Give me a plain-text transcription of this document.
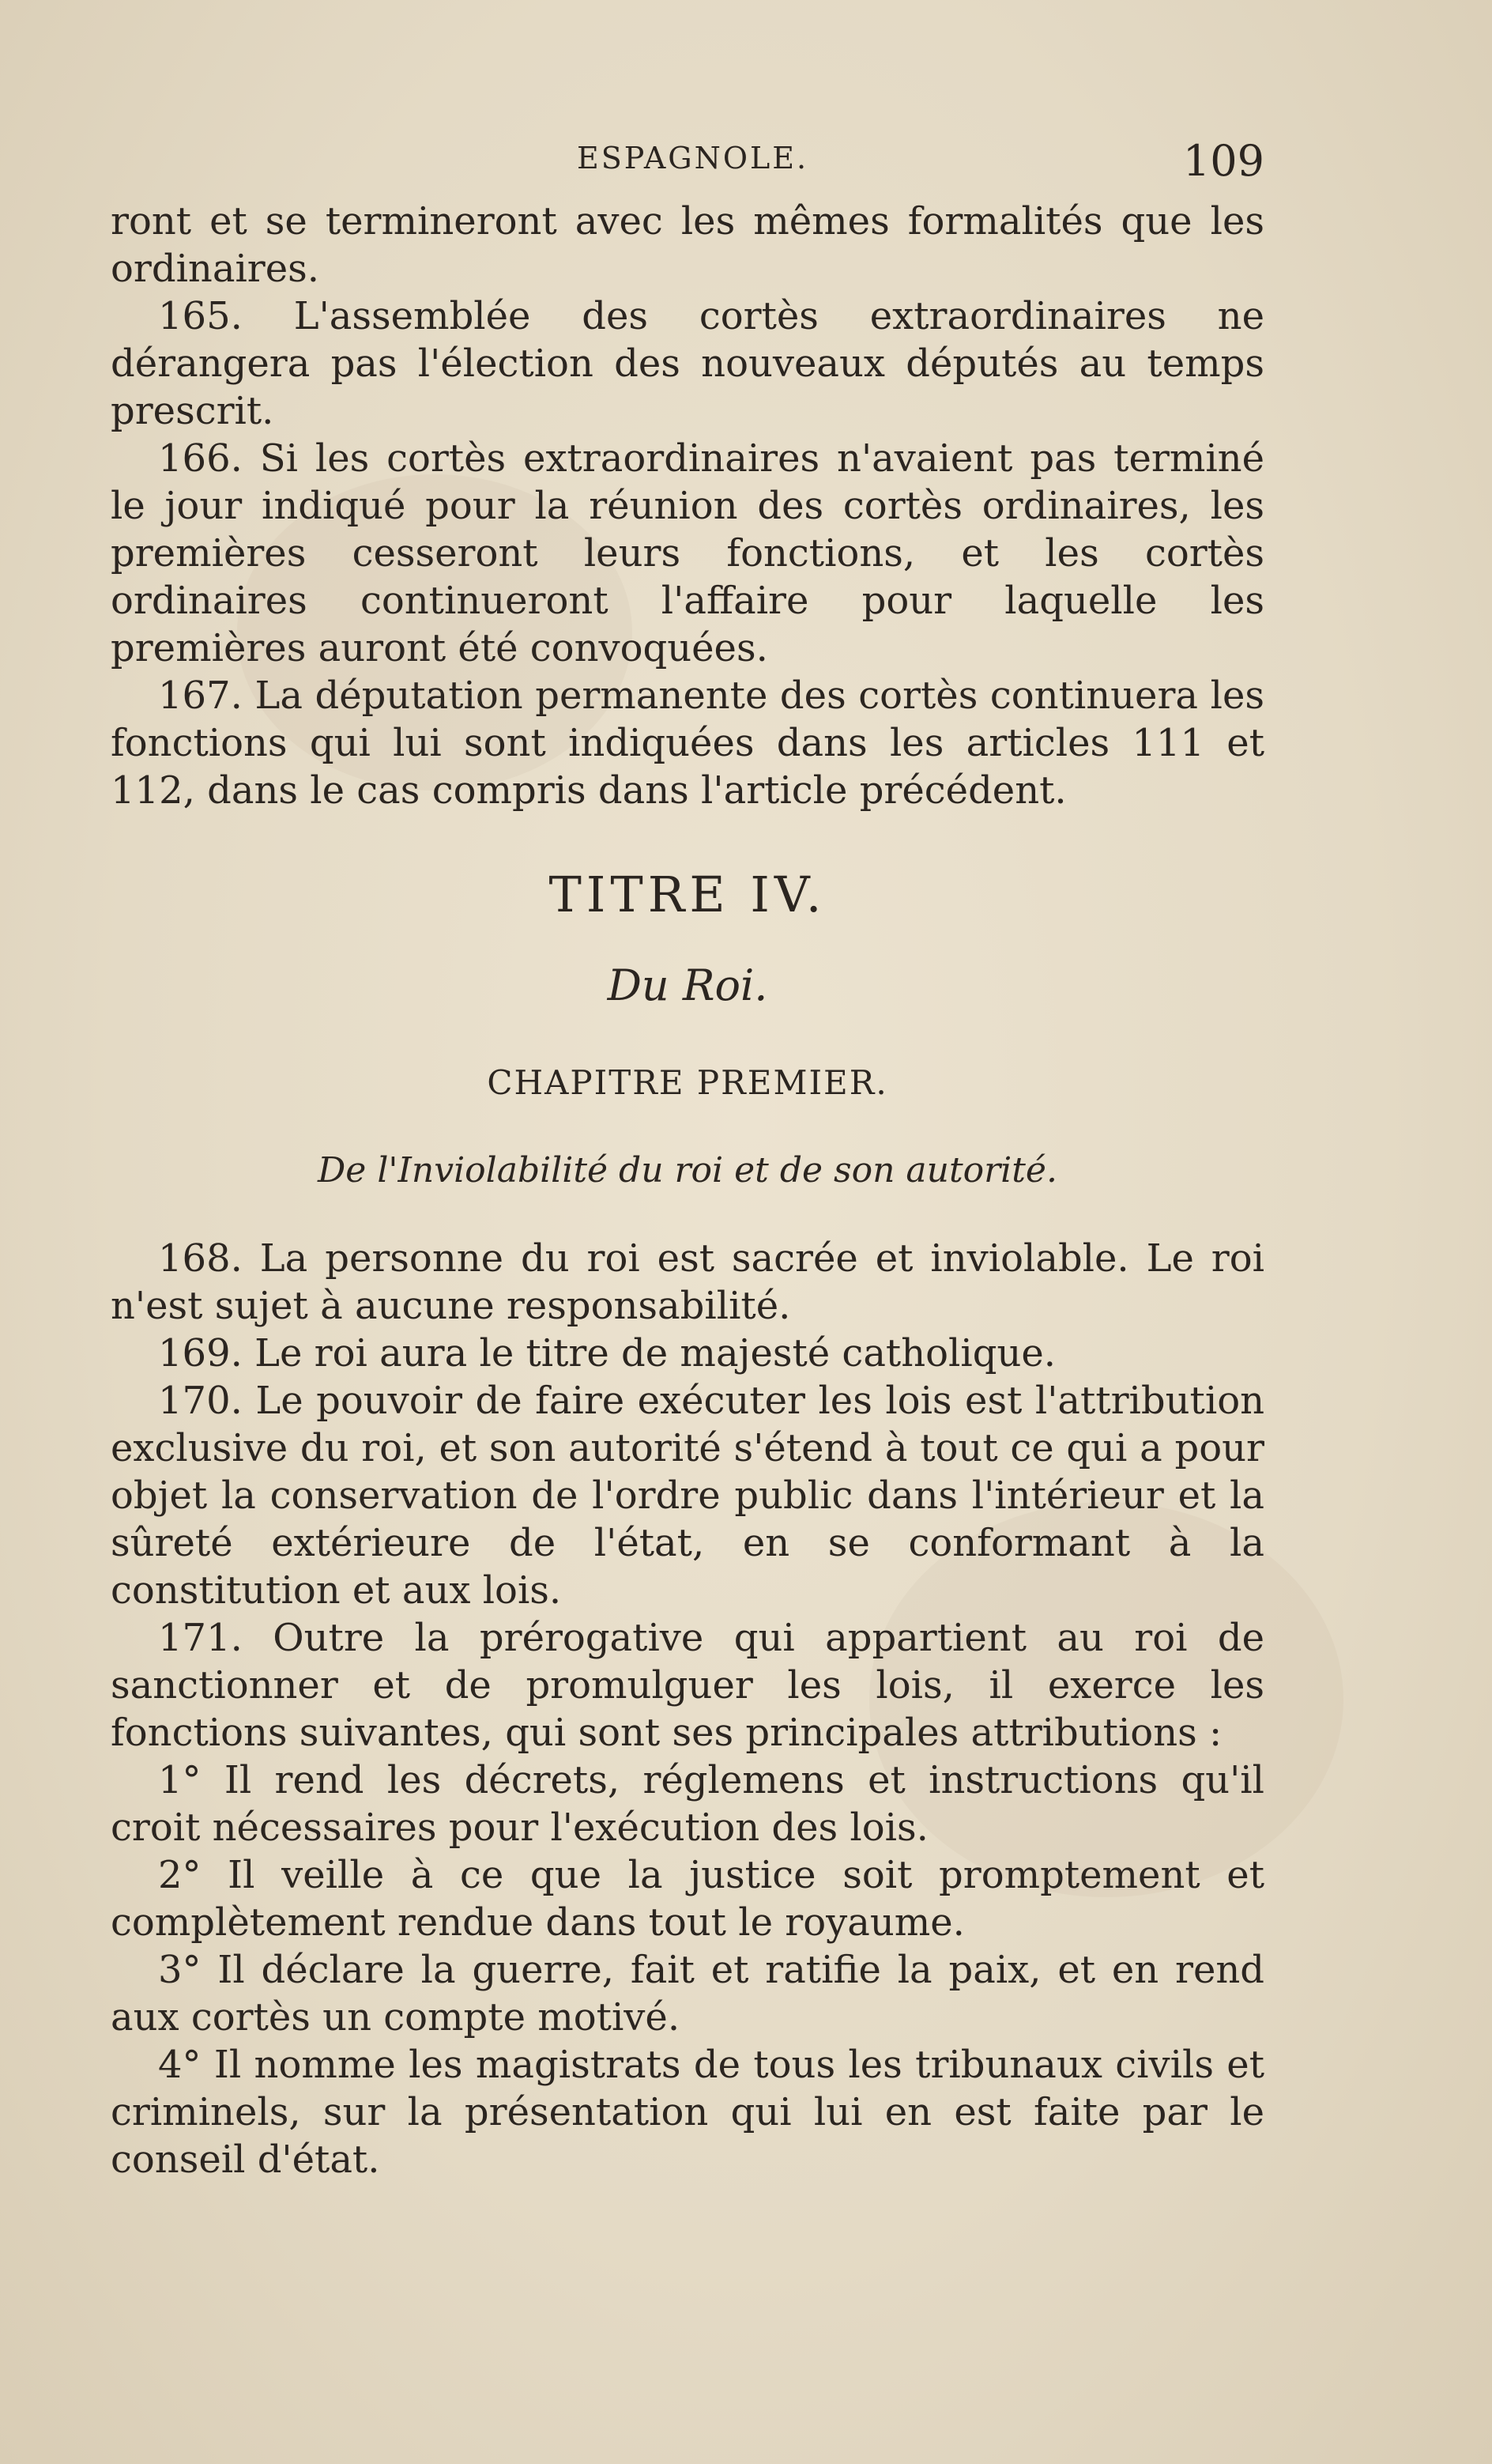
ESPAGNOLE.	109

ront et se termineront avec les mêmes formalités que les ordinaires.

165. L'assemblée des cortès extraordinaires ne dérangera pas l'élection des nouveaux députés au temps prescrit.

166. Si les cortès extraordinaires n'avaient pas terminé le jour indiqué pour la réunion des cortès ordinaires, les premières cesseront leurs fonctions, et les cortès ordinaires continueront l'affaire pour laquelle les premières auront été convoquées.

167. La députation permanente des cortès continuera les fonctions qui lui sont indiquées dans les articles 111 et 112, dans le cas compris dans l'article précédent.

TITRE IV.
Du Roi.
CHAPITRE PREMIER.
De l'Inviolabilité du roi et de son autorité.

168. La personne du roi est sacrée et inviolable. Le roi n'est sujet à aucune responsabilité.

169. Le roi aura le titre de majesté catholique.

170. Le pouvoir de faire exécuter les lois est l'attribution exclusive du roi, et son autorité s'étend à tout ce qui a pour objet la conservation de l'ordre public dans l'intérieur et la sûreté extérieure de l'état, en se conformant à la constitution et aux lois.

171. Outre la prérogative qui appartient au roi de sanctionner et de promulguer les lois, il exerce les fonctions suivantes, qui sont ses principales attributions :

1° Il rend les décrets, réglemens et instructions qu'il croit nécessaires pour l'exécution des lois.

2° Il veille à ce que la justice soit promptement et complètement rendue dans tout le royaume.

3° Il déclare la guerre, fait et ratifie la paix, et en rend aux cortès un compte motivé.

4° Il nomme les magistrats de tous les tribunaux civils et criminels, sur la présentation qui lui en est faite par le conseil d'état.
